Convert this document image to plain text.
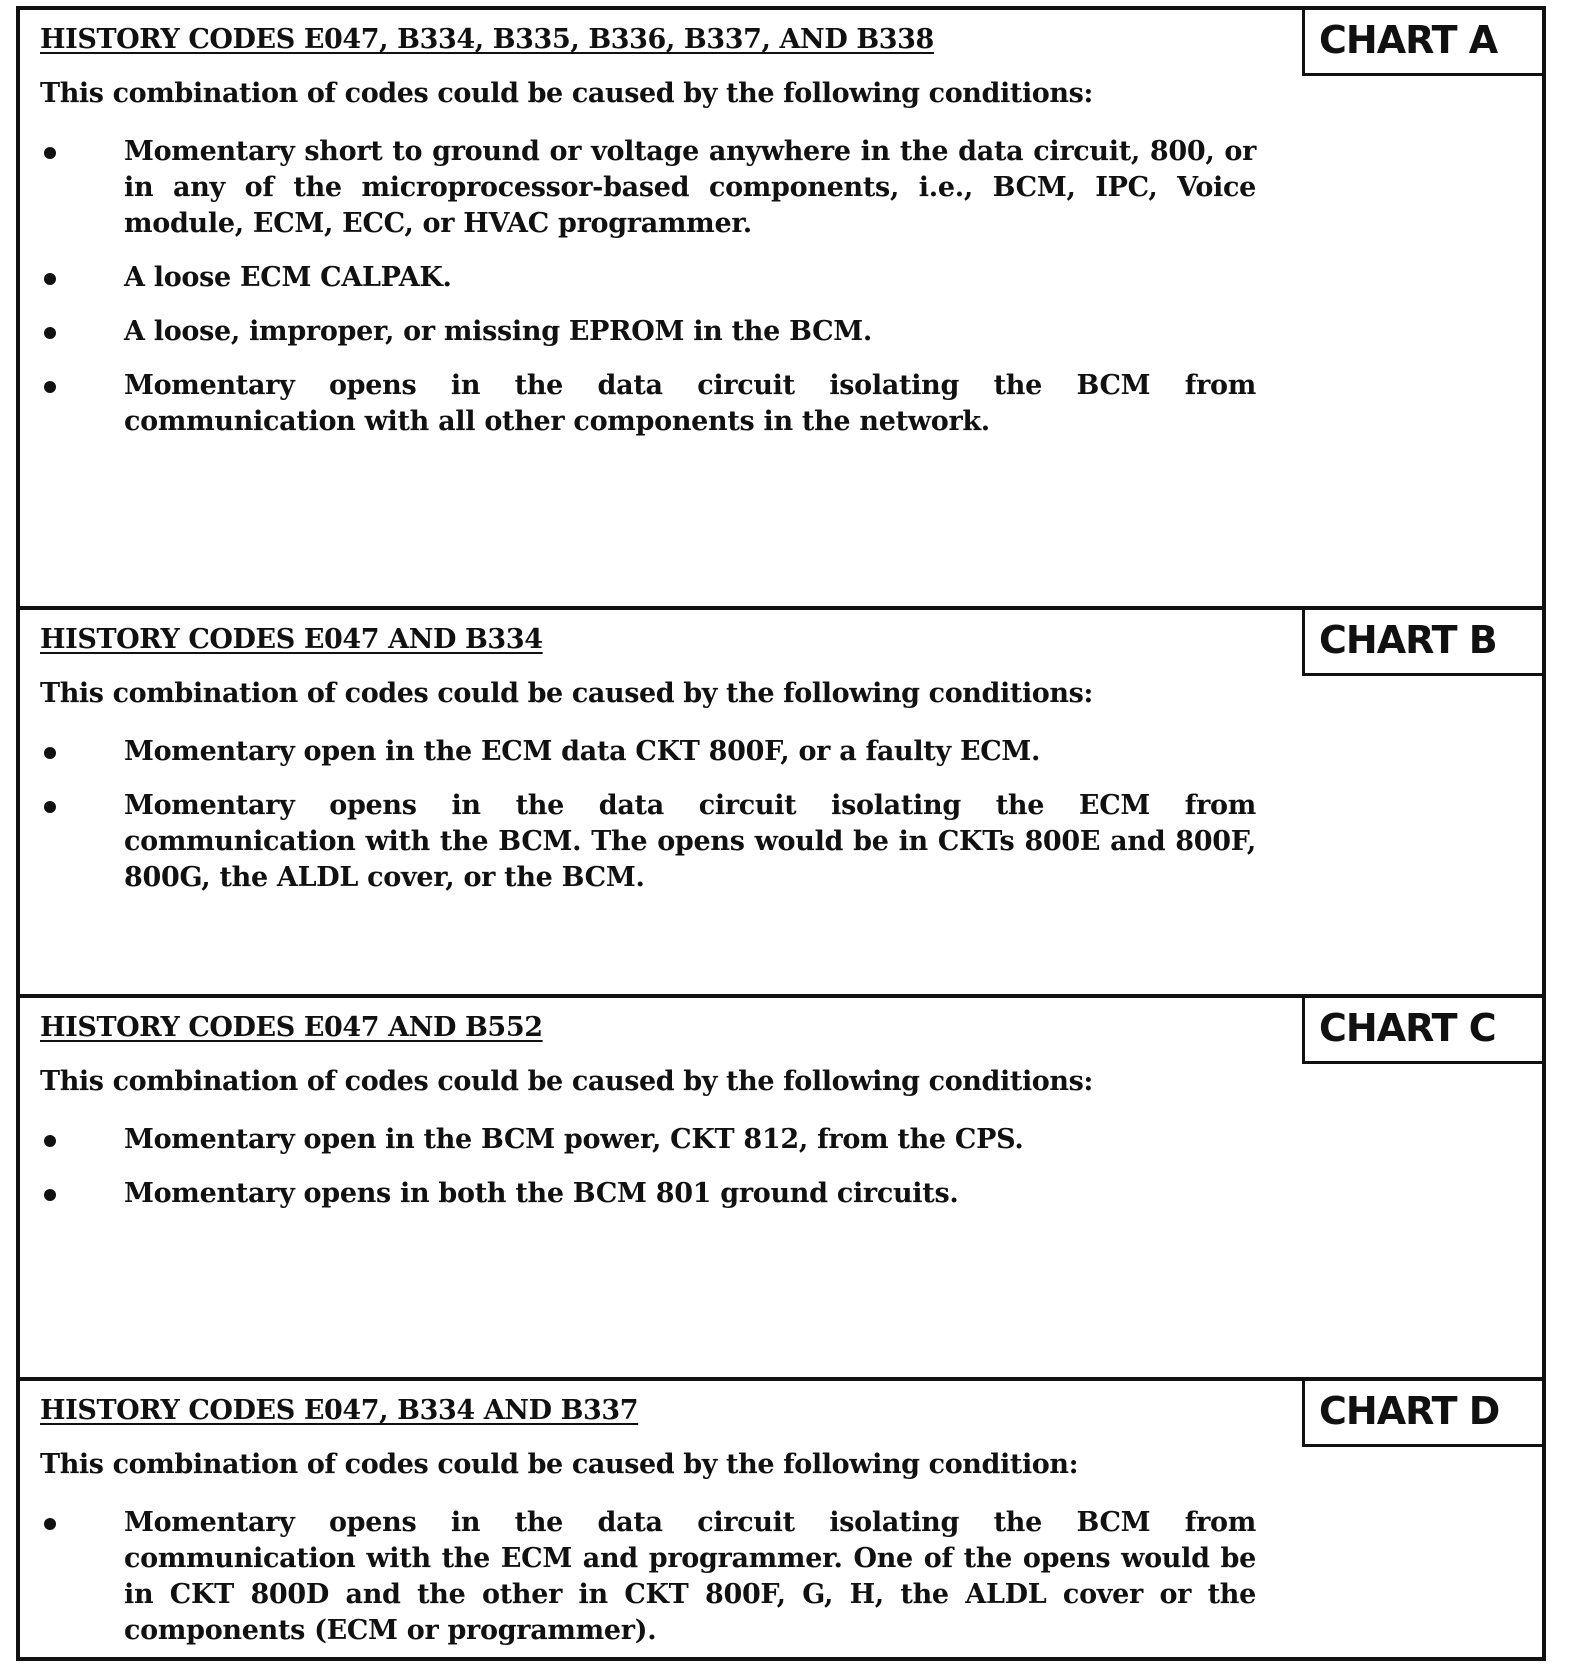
CHART A
HISTORY CODES E047, B334, B335, B336, B337, AND B338
This combination of codes could be caused by the following conditions:
Momentary short to ground or voltage anywhere in the data circuit, 800, or in any of the microprocessor-based components, i.e., BCM, IPC, Voice module, ECM, ECC, or HVAC programmer.
A loose ECM CALPAK.
A loose, improper, or missing EPROM in the BCM.
Momentary opens in the data circuit isolating the BCM from communication with all other components in the network.
CHART B
HISTORY CODES E047 AND B334
This combination of codes could be caused by the following conditions:
Momentary open in the ECM data CKT 800F, or a faulty ECM.
Momentary opens in the data circuit isolating the ECM from communication with the BCM. The opens would be in CKTs 800E and 800F, 800G, the ALDL cover, or the BCM.
CHART C
HISTORY CODES E047 AND B552
This combination of codes could be caused by the following conditions:
Momentary open in the BCM power, CKT 812, from the CPS.
Momentary opens in both the BCM 801 ground circuits.
CHART D
HISTORY CODES E047, B334 AND B337
This combination of codes could be caused by the following condition:
Momentary opens in the data circuit isolating the BCM from communication with the ECM and programmer. One of the opens would be in CKT 800D and the other in CKT 800F, G, H, the ALDL cover or the components (ECM or programmer).
